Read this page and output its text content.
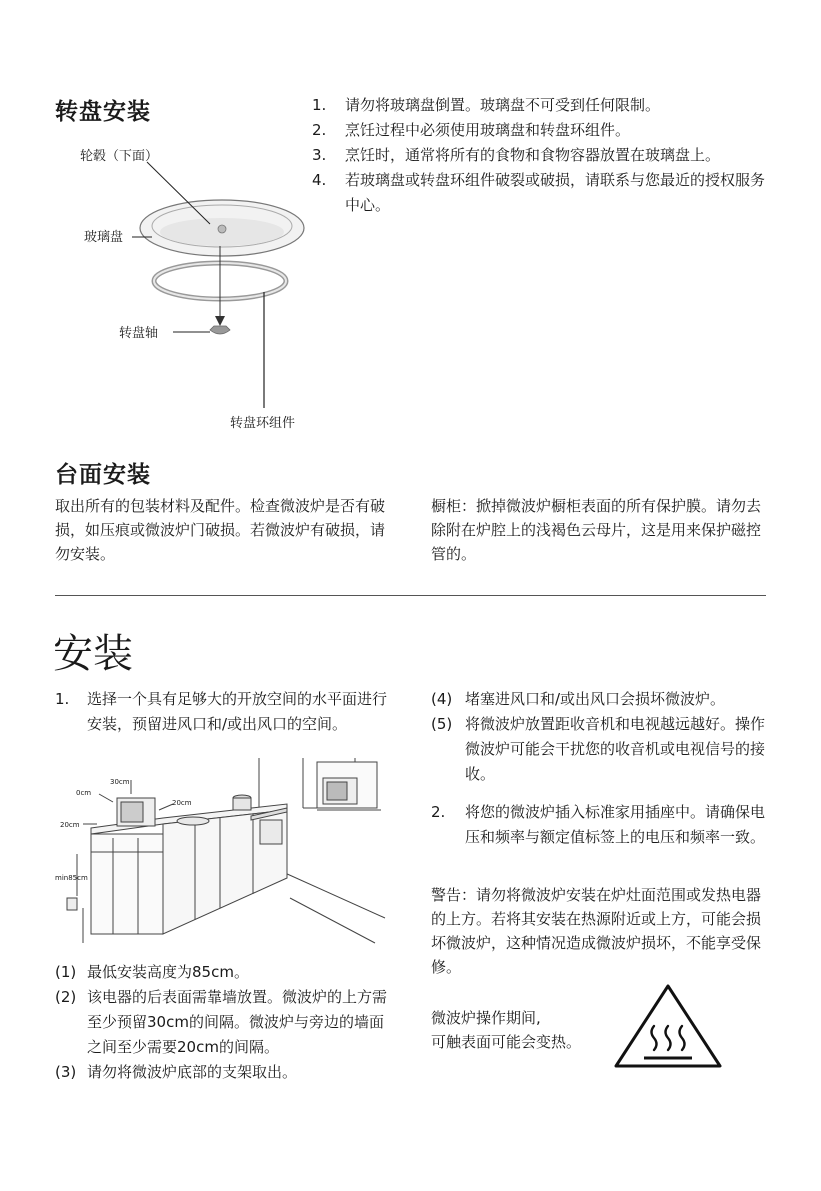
转盘安装
轮毂（下面）
玻璃盘
转盘轴
转盘环组件
1.	请勿将玻璃盘倒置。玻璃盘不可受到任何限制。
2.	烹饪过程中必须使用玻璃盘和转盘环组件。
3.	烹饪时，通常将所有的食物和食物容器放置在玻璃盘上。
4.	若玻璃盘或转盘环组件破裂或破损，请联系与您最近的授权服务中心。
台面安装

取出所有的包装材料及配件。检查微波炉是否有破损，如压痕或微波炉门破损。若微波炉有破损，请勿安装。

橱柜：掀掉微波炉橱柜表面的所有保护膜。请勿去除附在炉腔上的浅褐色云母片，这是用来保护磁控管的。

安装
1.	选择一个具有足够大的开放空间的水平面进行安装，预留进风口和/或出风口的空间。
30cm
0cm
20cm
20cm
min85cm
(1) 最低安装高度为85cm。
(2) 该电器的后表面需靠墙放置。微波炉的上方需至少预留30cm的间隔。微波炉与旁边的墙面之间至少需要20cm的间隔。
(3) 请勿将微波炉底部的支架取出。
(4) 堵塞进风口和/或出风口会损坏微波炉。
(5) 将微波炉放置距收音机和电视越远越好。操作微波炉可能会干扰您的收音机或电视信号的接收。
2.	将您的微波炉插入标准家用插座中。请确保电压和频率与额定值标签上的电压和频率一致。

警告：请勿将微波炉安装在炉灶面范围或发热电器的上方。若将其安装在热源附近或上方，可能会损坏微波炉，这种情况造成微波炉损坏，不能享受保修。

微波炉操作期间,
可触表面可能会变热。
